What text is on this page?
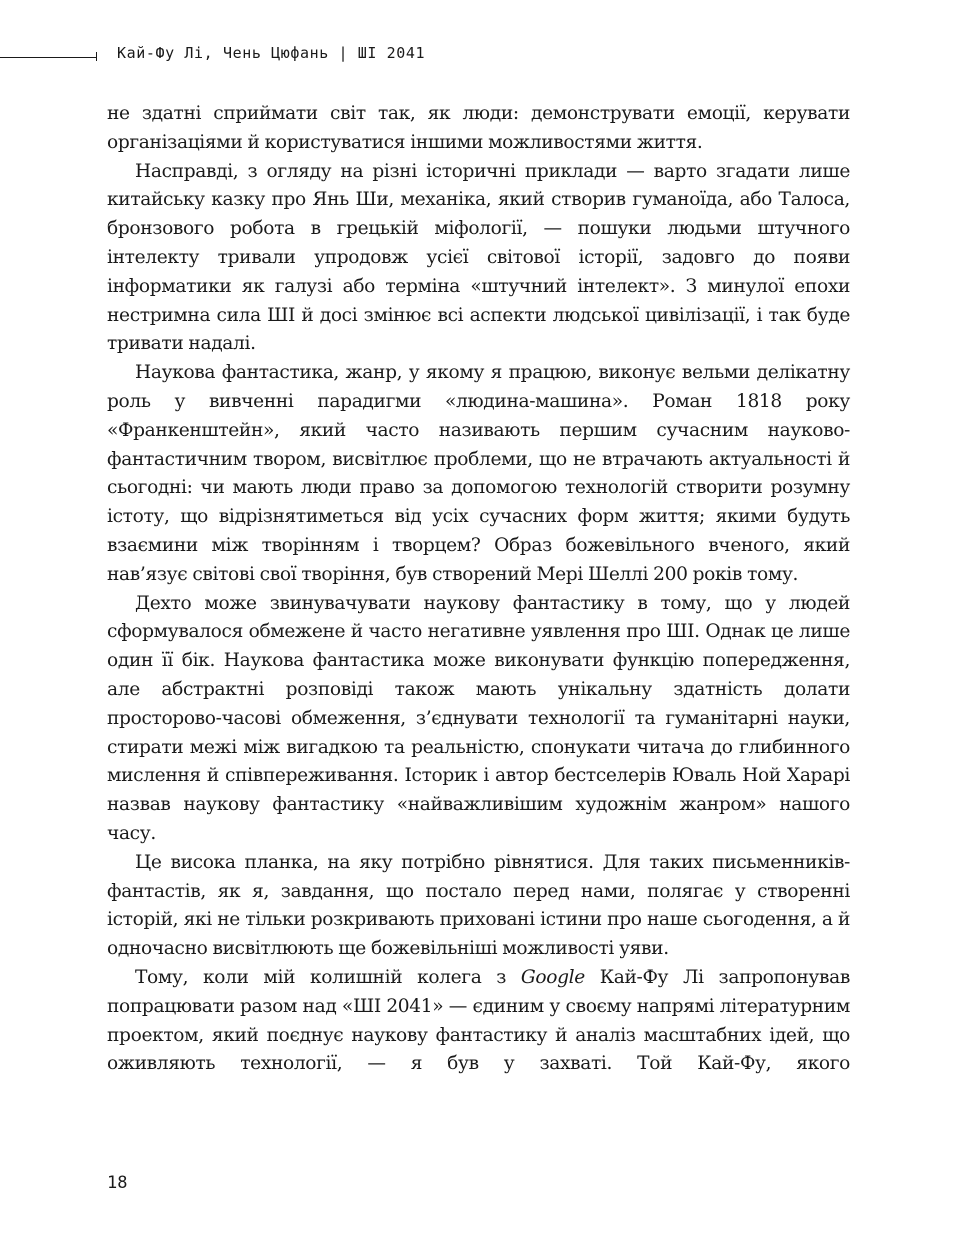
Кай-Фу Лі, Чень Цюфань | ШІ 2041

не здатні сприймати світ так, як люди: демонструвати емоції, керувати організаціями й користуватися іншими можливостями життя.

Насправді, з огляду на різні історичні приклади — варто згадати лише китайську казку про Янь Ши, механіка, який створив гуманоїда, або Талоса, бронзового робота в грецькій міфології, — пошуки людьми штучного інтелекту тривали упродовж усієї світової історії, задовго до появи інформатики як галузі або терміна «штучний інтелект». З минулої епохи нестримна сила ШІ й досі змінює всі аспекти людської цивілізації, і так буде тривати надалі.

Наукова фантастика, жанр, у якому я працюю, виконує вельми делікатну роль у вивченні парадигми «людина-машина». Роман 1818 року «Франкенштейн», який часто називають першим сучасним науково-фантастичним твором, висвітлює проблеми, що не втрачають актуальності й сьогодні: чи мають люди право за допомогою технологій створити розумну істоту, що відрізнятиметься від усіх сучасних форм життя; якими будуть взаємини між творінням і творцем? Образ божевільного вченого, який нав’язує світові свої творіння, був створений Мері Шеллі 200 років тому.

Дехто може звинувачувати наукову фантастику в тому, що у людей сформувалося обмежене й часто негативне уявлення про ШІ. Однак це лише один її бік. Наукова фантастика може виконувати функцію попередження, але абстрактні розповіді також мають унікальну здатність долати просторово-часові обмеження, з’єднувати технології та гуманітарні науки, стирати межі між вигадкою та реальністю, спонукати читача до глибинного мислення й співпереживання. Історик і автор бестселерів Юваль Ной Харарі назвав наукову фантастику «найважливішим художнім жанром» нашого часу.

Це висока планка, на яку потрібно рівнятися. Для таких письменників-фантастів, як я, завдання, що постало перед нами, полягає у створенні історій, які не тільки розкривають приховані істини про наше сьогодення, а й одночасно висвітлюють ще божевільніші можливості уяви.

Тому, коли мій колишній колега з Google Кай-Фу Лі запропонував попрацювати разом над «ШІ 2041» — єдиним у своєму напрямі літературним проектом, який поєднує наукову фантастику й аналіз масштабних ідей, що оживляють технології, — я був у захваті. Той Кай-Фу, якого

18
